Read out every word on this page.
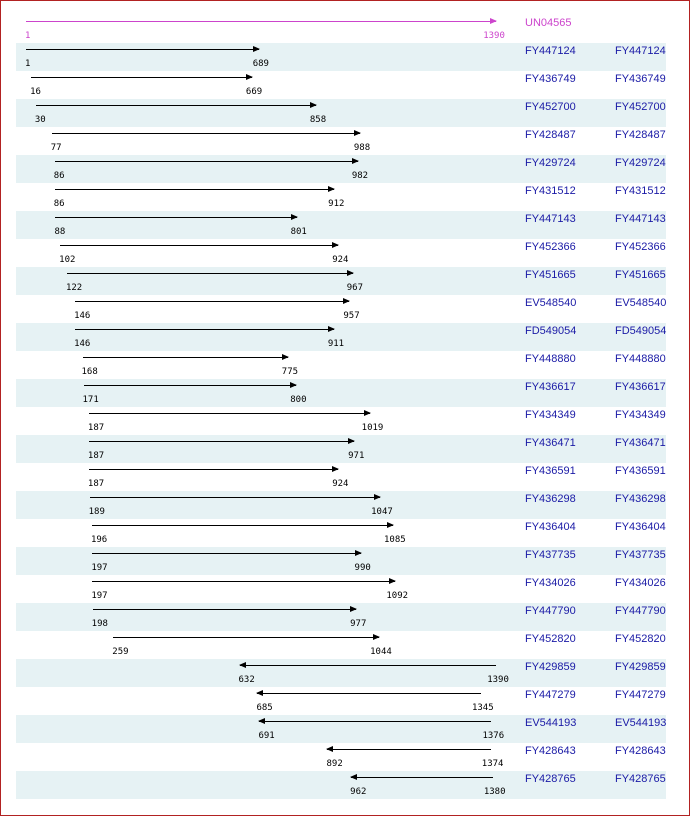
1	1390
UN04565
1	689
FY447124	FY447124
16	669
FY436749	FY436749
30	858
FY452700	FY452700
77	988
FY428487	FY428487
86	982
FY429724	FY429724
86	912
FY431512	FY431512
88	801
FY447143	FY447143
102	924
FY452366	FY452366
122	967
FY451665	FY451665
146	957
EV548540	EV548540
146	911
FD549054	FD549054
168	775
FY448880	FY448880
171	800
FY436617	FY436617
187	1019
FY434349	FY434349
187	971
FY436471	FY436471
187	924
FY436591	FY436591
189	1047
FY436298	FY436298
196	1085
FY436404	FY436404
197	990
FY437735	FY437735
197	1092
FY434026	FY434026
198	977
FY447790	FY447790
259	1044
FY452820	FY452820
632	1390
FY429859	FY429859
685	1345
FY447279	FY447279
691	1376
EV544193	EV544193
892	1374
FY428643	FY428643
962	1380
FY428765	FY428765
